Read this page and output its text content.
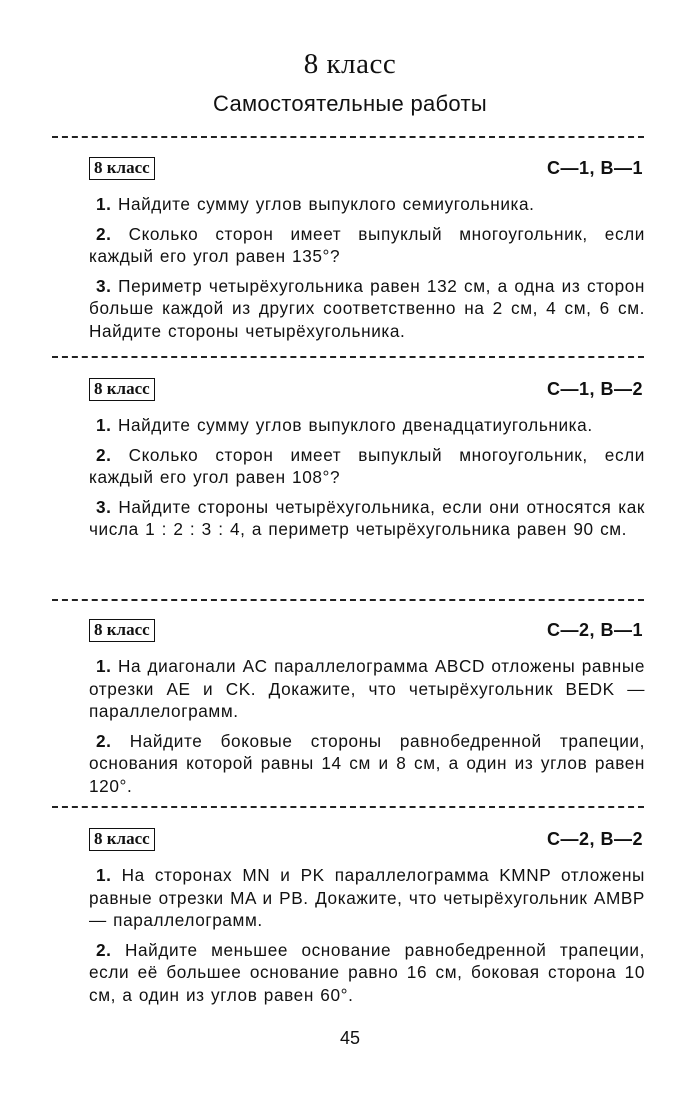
8 класс
Самостоятельные работы
8 класс	С—1, В—1
1. Найдите сумму углов выпуклого семиугольника.
2. Сколько сторон имеет выпуклый многоугольник, если каждый его угол равен 135°?
3. Периметр четырёхугольника равен 132 см, а одна из сторон больше каждой из других соответственно на 2 см, 4 см, 6 см. Найдите стороны четырёхугольника.
8 класс	С—1, В—2
1. Найдите сумму углов выпуклого двенадцатиугольника.
2. Сколько сторон имеет выпуклый многоугольник, если каждый его угол равен 108°?
3. Найдите стороны четырёхугольника, если они относятся как числа 1 : 2 : 3 : 4, а периметр четырёхугольника равен 90 см.
8 класс	С—2, В—1
1. На диагонали AC параллелограмма ABCD отложены равные отрезки AE и CK. Докажите, что четырёхугольник BEDK — параллелограмм.
2. Найдите боковые стороны равнобедренной трапеции, основания которой равны 14 см и 8 см, а один из углов равен 120°.
8 класс	С—2, В—2
1. На сторонах MN и PK параллелограмма KMNP отложены равные отрезки MA и PB. Докажите, что четырёхугольник AMBP — параллелограмм.
2. Найдите меньшее основание равнобедренной трапеции, если её большее основание равно 16 см, боковая сторона 10 см, а один из углов равен 60°.
45
